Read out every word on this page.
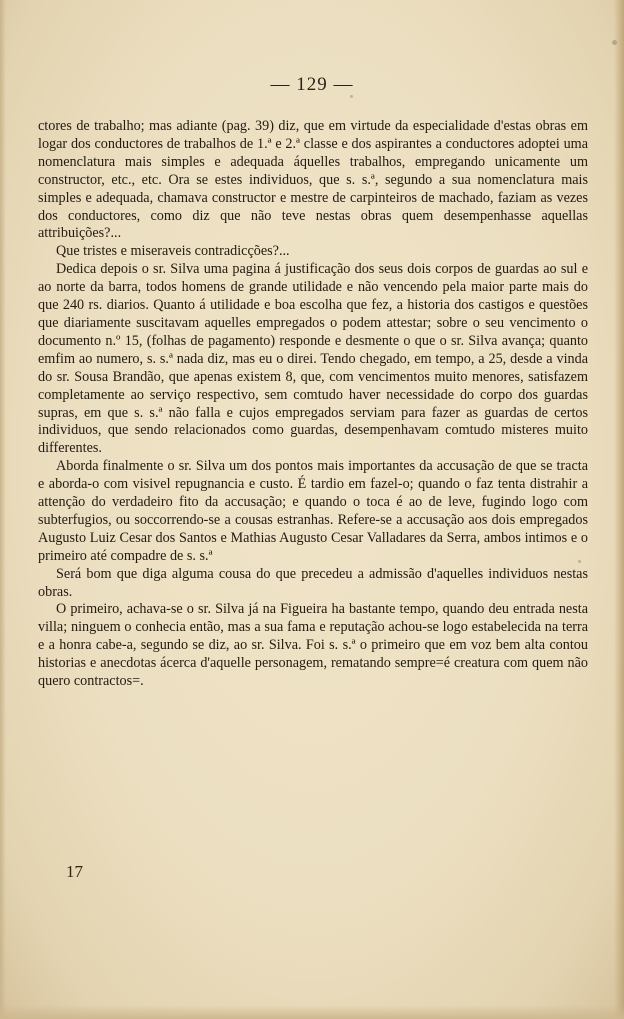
— 129 —

ctores de trabalho; mas adiante (pag. 39) diz, que em virtude da especialidade d'estas obras em logar dos conductores de trabalhos de 1.ª e 2.ª classe e dos aspirantes a conductores adoptei uma nomenclatura mais simples e adequada áquelles trabalhos, empregando unicamente um constructor, etc., etc. Ora se estes individuos, que s. s.ª, segundo a sua nomenclatura mais simples e adequada, chamava constructor e mestre de carpinteiros de machado, faziam as vezes dos conductores, como diz que não teve nestas obras quem desempenhasse aquellas attribuições?...

Que tristes e miseraveis contradicções?...

Dedica depois o sr. Silva uma pagina á justificação dos seus dois corpos de guardas ao sul e ao norte da barra, todos homens de grande utilidade e não vencendo pela maior parte mais do que 240 rs. diarios. Quanto á utilidade e boa escolha que fez, a historia dos castigos e questões que diariamente suscitavam aquelles empregados o podem attestar; sobre o seu vencimento o documento n.º 15, (folhas de pagamento) responde e desmente o que o sr. Silva avança; quanto emfim ao numero, s. s.ª nada diz, mas eu o direi. Tendo chegado, em tempo, a 25, desde a vinda do sr. Sousa Brandão, que apenas existem 8, que, com vencimentos muito menores, satisfazem completamente ao serviço respectivo, sem comtudo haver necessidade do corpo dos guardas supras, em que s. s.ª não falla e cujos empregados serviam para fazer as guardas de certos individuos, que sendo relacionados como guardas, desempenhavam comtudo misteres muito differentes.

Aborda finalmente o sr. Silva um dos pontos mais importantes da accusação de que se tracta e aborda-o com visivel repugnancia e custo. É tardio em fazel-o; quando o faz tenta distrahir a attenção do verdadeiro fito da accusação; e quando o toca é ao de leve, fugindo logo com subterfugios, ou soccorrendo-se a cousas estranhas. Refere-se a accusação aos dois empregados Augusto Luiz Cesar dos Santos e Mathias Augusto Cesar Valladares da Serra, ambos intimos e o primeiro até compadre de s. s.ª

Será bom que diga alguma cousa do que precedeu a admissão d'aquelles individuos nestas obras.

O primeiro, achava-se o sr. Silva já na Figueira ha bastante tempo, quando deu entrada nesta villa; ninguem o conhecia então, mas a sua fama e reputação achou-se logo estabelecida na terra e a honra cabe-a, segundo se diz, ao sr. Silva. Foi s. s.ª o primeiro que em voz bem alta contou historias e anecdotas ácerca d'aquelle personagem, rematando sempre=é creatura com quem não quero contractos=.

17
